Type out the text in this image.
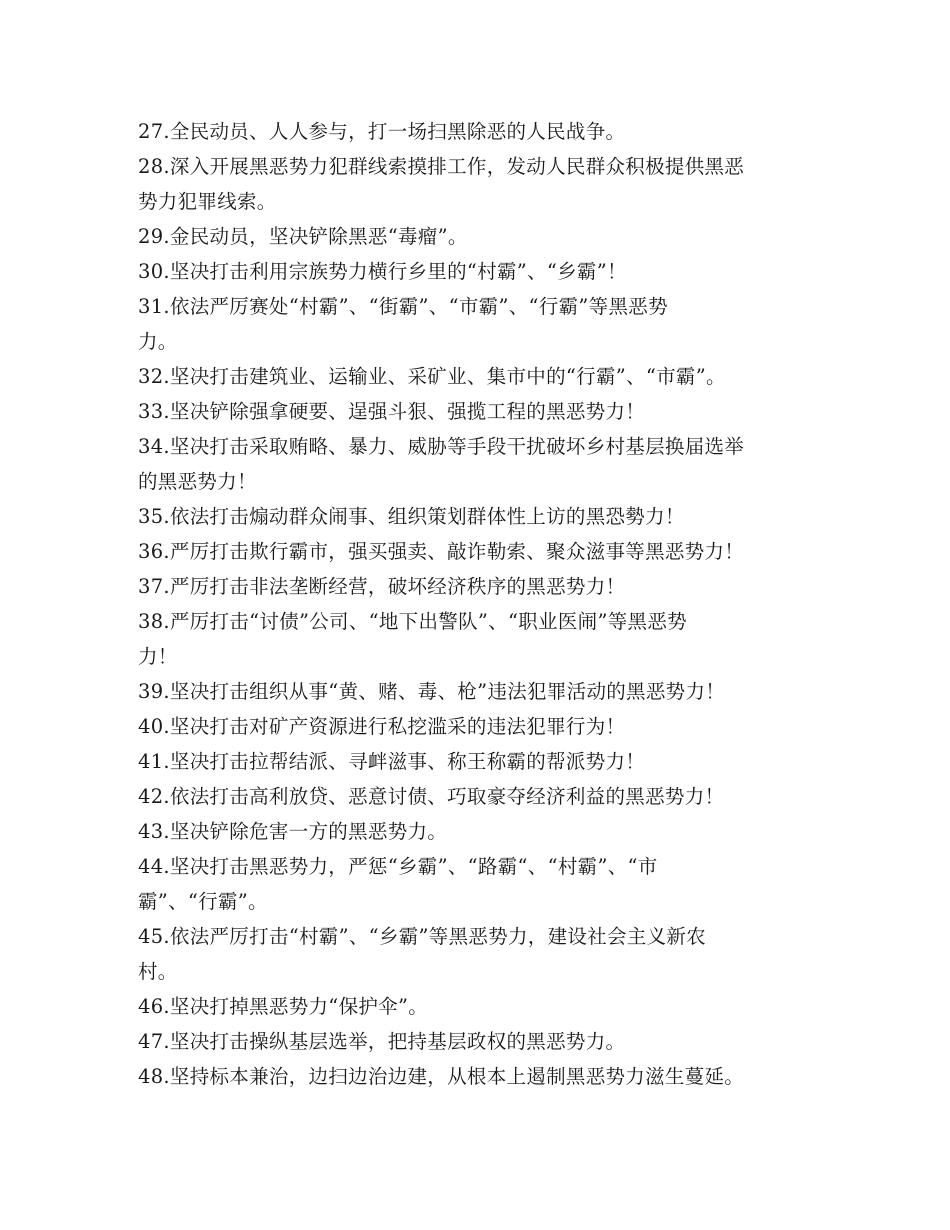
27.全民动员、人人参与，打一场扫黑除恶的人民战争。
28.深入开展黑恶势力犯群线索摸排工作，发动人民群众积极提供黑恶
势力犯罪线索。
29.金民动员，坚决铲除黑恶“毒瘤”。
30.坚决打击利用宗族势力横行乡里的“村霸”、“乡霸”！
31.依法严厉赛处“村霸”、“街霸”、“市霸”、“行霸”等黑恶势
力。
32.坚决打击建筑业、运输业、采矿业、集市中的“行霸”、“市霸”。
33.坚决铲除强拿硬要、逞强斗狠、强揽工程的黑恶势力！
34.坚决打击采取贿略、暴力、威胁等手段干扰破坏乡村基层换届选举
的黑恶势力！
35.依法打击煽动群众闹事、组织策划群体性上访的黑恐勢力！
36.严厉打击欺行霸市，强买强卖、敲诈勒索、聚众滋事等黑恶势力！
37.严厉打击非法垄断经营，破坏经济秩序的黑恶势力！
38.严厉打击“讨债”公司、“地下出警队”、“职业医闹”等黑恶势
力！
39.坚决打击组织从事“黄、赌、毒、枪”违法犯罪活动的黑恶势力！
40.坚决打击对矿产资源进行私挖滥采的违法犯罪行为！
41.坚决打击拉帮结派、寻衅滋事、称王称霸的帮派势力！
42.依法打击高利放贷、恶意讨债、巧取豪夺经济利益的黑恶势力！
43.坚决铲除危害一方的黑恶势力。
44.坚决打击黑恶势力，严惩“乡霸”、“路霸“、“村霸”、“市
霸”、“行霸”。
45.依法严厉打击“村霸”、“乡霸”等黑恶势力，建设社会主义新农
村。
46.坚决打掉黑恶势力“保护伞”。
47.坚决打击操纵基层选举，把持基层政权的黑恶势力。
48.坚持标本兼治，边扫边治边建，从根本上遏制黑恶势力滋生蔓延。
